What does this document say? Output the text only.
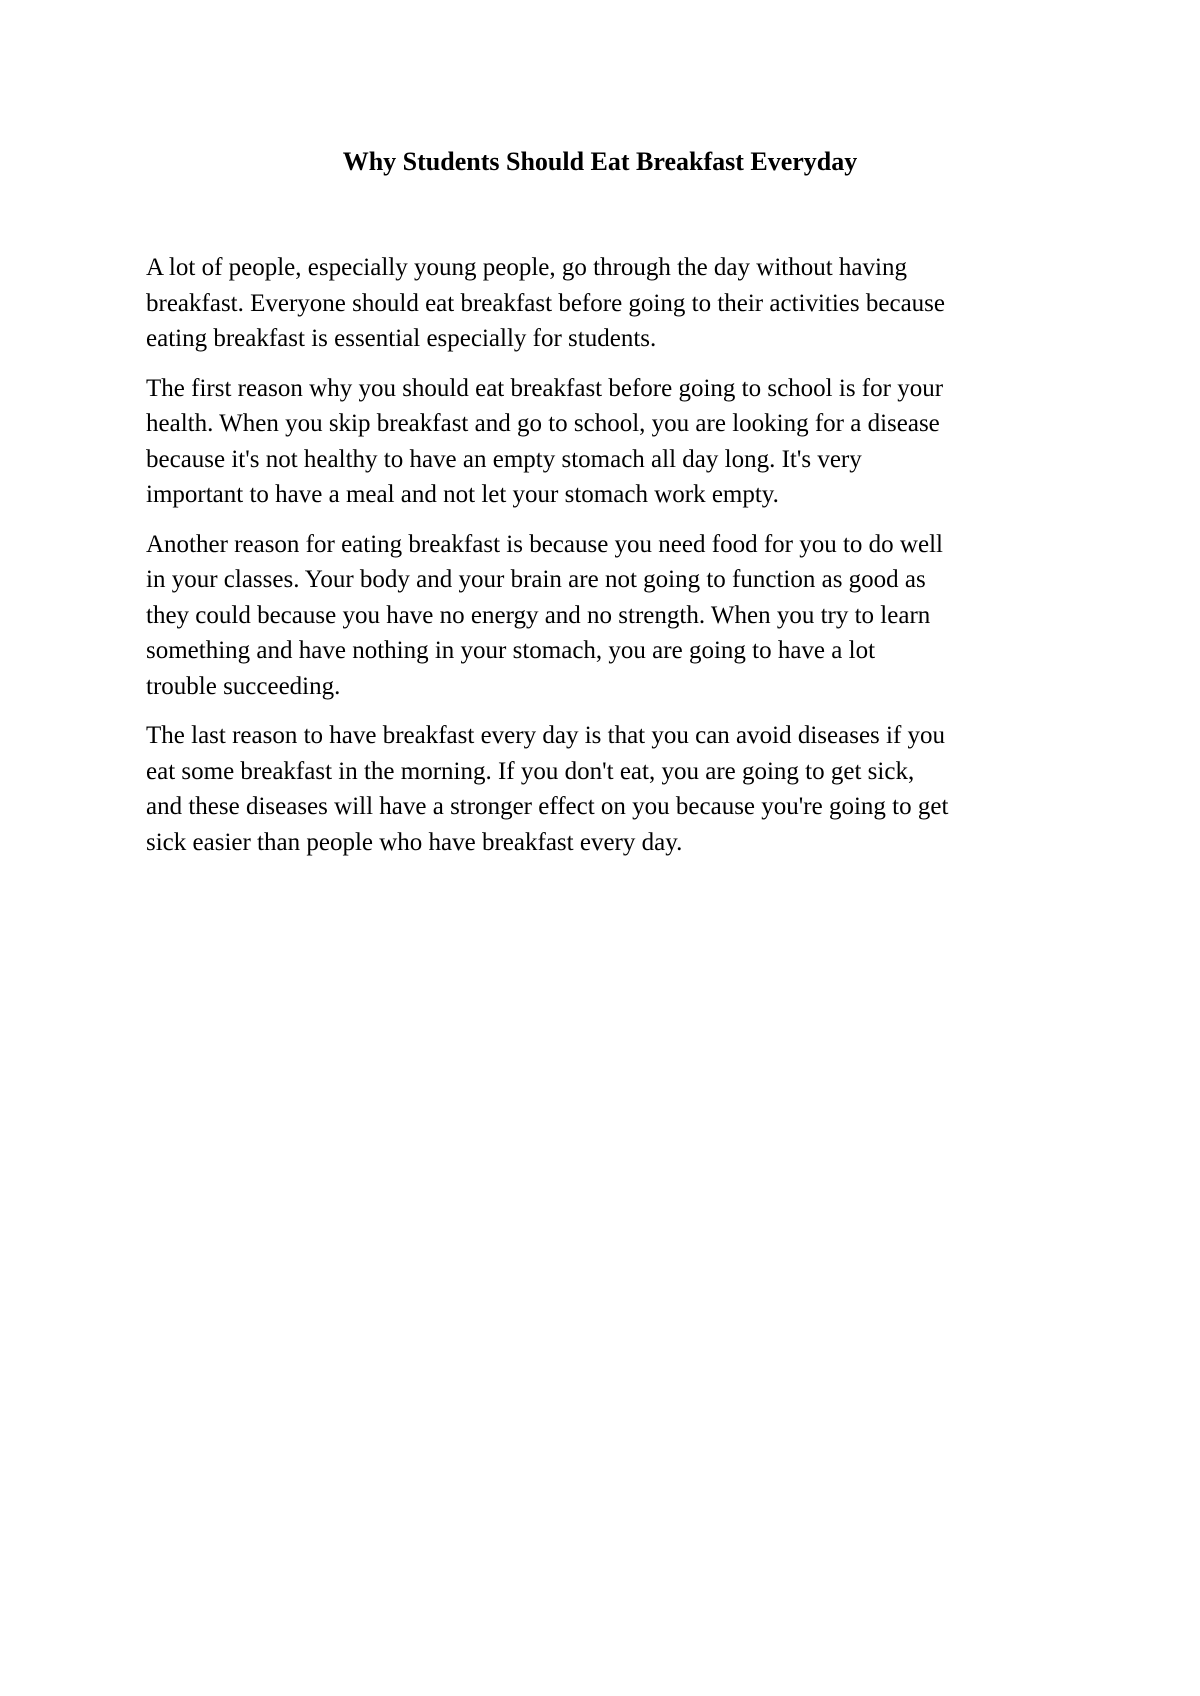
Why Students Should Eat Breakfast Everyday

A lot of people, especially young people, go through the day without having
breakfast. Everyone should eat breakfast before going to their activities because
eating breakfast is essential especially for students.

The first reason why you should eat breakfast before going to school is for your
health. When you skip breakfast and go to school, you are looking for a disease
because it's not healthy to have an empty stomach all day long. It's very
important to have a meal and not let your stomach work empty.

Another reason for eating breakfast is because you need food for you to do well
in your classes. Your body and your brain are not going to function as good as
they could because you have no energy and no strength. When you try to learn
something and have nothing in your stomach, you are going to have a lot
trouble succeeding.

The last reason to have breakfast every day is that you can avoid diseases if you
eat some breakfast in the morning. If you don't eat, you are going to get sick,
and these diseases will have a stronger effect on you because you're going to get
sick easier than people who have breakfast every day.
